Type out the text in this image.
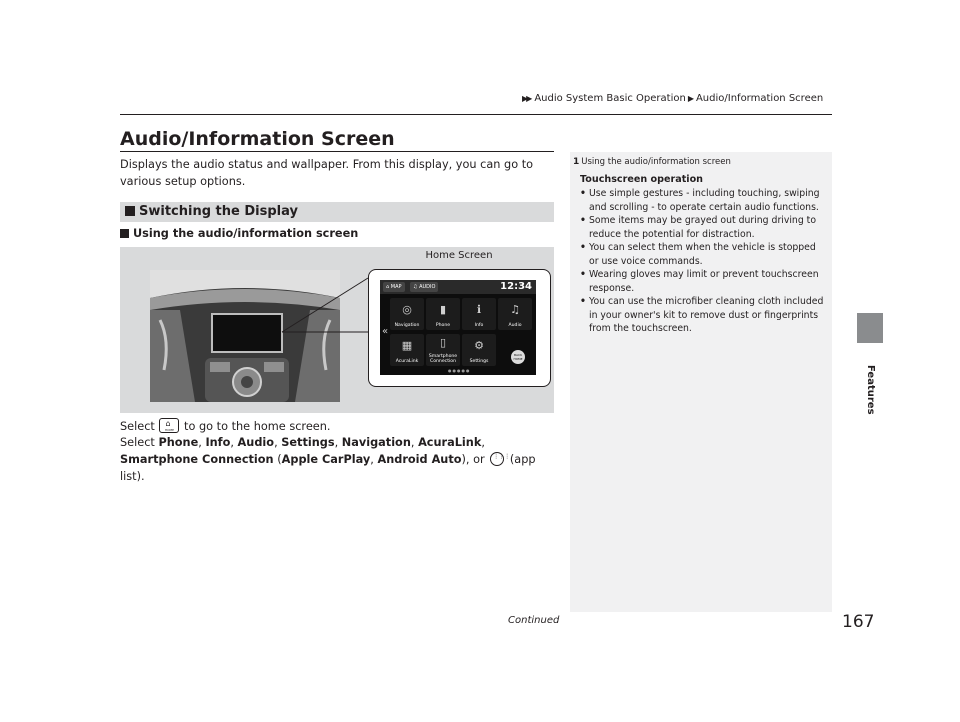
▶▶ Audio System Basic Operation ▶ Audio/Information Screen
Features
Audio/Information Screen
Displays the audio status and wallpaper. From this display, you can go to various setup options.
Switching the Display
Using the audio/information screen
Home Screen
⌂ MAP	♫ AUDIO	12:34
«
◎
Navigation
▮
Phone
ℹ
Info
♫
Audio
▦
AcuraLink
▯
Smartphone Connection
⚙
Settings
BACK HOME
●●●●●
Select ⌂
HOME to go to the home screen.
Select Phone, Info, Audio, Settings, Navigation, AcuraLink, Smartphone Connection (Apple CarPlay, Android Auto), or ⋮⋮⋮ (app list).
1 Using the audio/information screen
Touchscreen operation
• Use simple gestures - including touching, swiping and scrolling - to operate certain audio functions.
• Some items may be grayed out during driving to reduce the potential for distraction.
• You can select them when the vehicle is stopped or use voice commands.
• Wearing gloves may limit or prevent touchscreen response.
• You can use the microfiber cleaning cloth included in your owner's kit to remove dust or fingerprints from the touchscreen.
Continued	167
